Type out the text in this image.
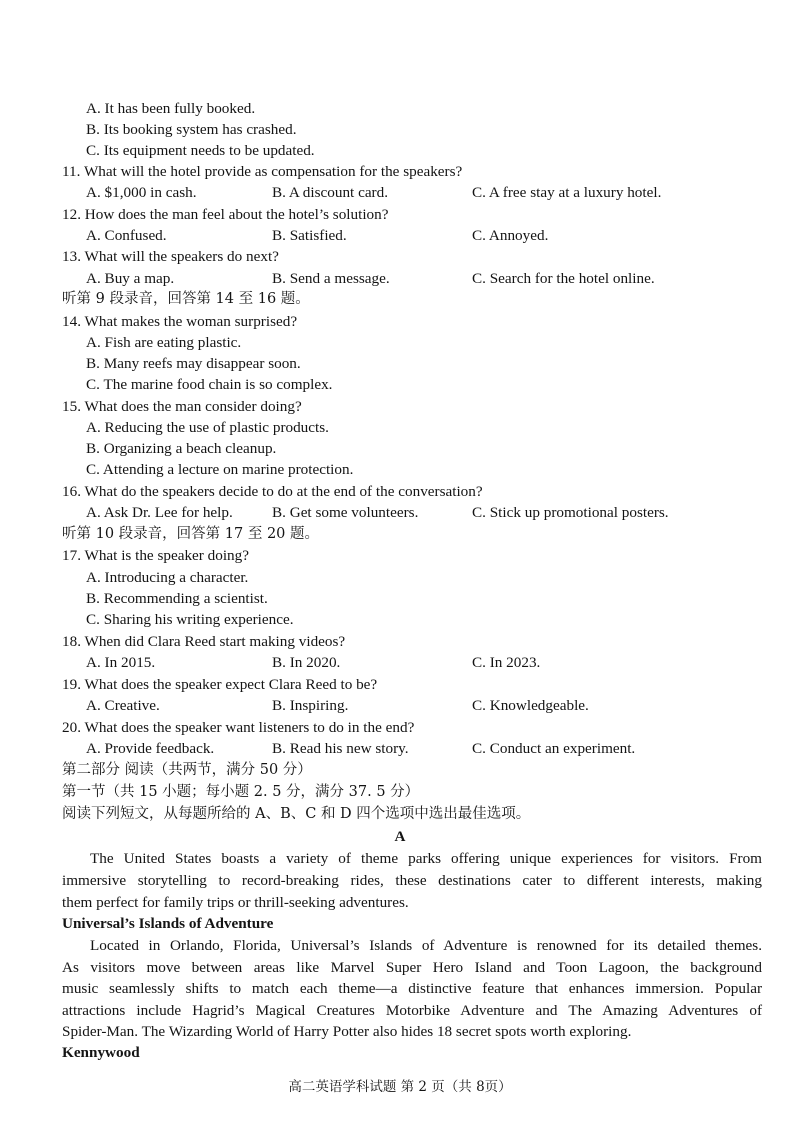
A. It has been fully booked.
B. Its booking system has crashed.
C. Its equipment needs to be updated.
11. What will the hotel provide as compensation for the speakers?
A. $1,000 in cash.	B. A discount card.	C. A free stay at a luxury hotel.
12. How does the man feel about the hotel’s solution?
A. Confused.	B. Satisfied.	C. Annoyed.
13. What will the speakers do next?
A. Buy a map.	B. Send a message.	C. Search for the hotel online.
听第 9 段录音，回答第 14 至 16 题。
14. What makes the woman surprised?
A. Fish are eating plastic.
B. Many reefs may disappear soon.
C. The marine food chain is so complex.
15. What does the man consider doing?
A. Reducing the use of plastic products.
B. Organizing a beach cleanup.
C. Attending a lecture on marine protection.
16. What do the speakers decide to do at the end of the conversation?
A. Ask Dr. Lee for help.	B. Get some volunteers.	C. Stick up promotional posters.
听第 10 段录音，回答第 17 至 20 题。
17. What is the speaker doing?
A. Introducing a character.
B. Recommending a scientist.
C. Sharing his writing experience.
18. When did Clara Reed start making videos?
A. In 2015.	B. In 2020.	C. In 2023.
19. What does the speaker expect Clara Reed to be?
A. Creative.	B. Inspiring.	C. Knowledgeable.
20. What does the speaker want listeners to do in the end?
A. Provide feedback.	B. Read his new story.	C. Conduct an experiment.
第二部分 阅读（共两节，满分 50 分）
第一节（共 15 小题；每小题 2. 5 分，满分 37. 5 分）
阅读下列短文，从每题所给的 A、B、C 和 D 四个选项中选出最佳选项。
A
The United States boasts a variety of theme parks offering unique experiences for visitors. From
immersive storytelling to record-breaking rides, these destinations cater to different interests, making
them perfect for family trips or thrill-seeking adventures.
Universal’s Islands of Adventure
Located in Orlando, Florida, Universal’s Islands of Adventure is renowned for its detailed themes.
As visitors move between areas like Marvel Super Hero Island and Toon Lagoon, the background
music seamlessly shifts to match each theme—a distinctive feature that enhances immersion. Popular
attractions include Hagrid’s Magical Creatures Motorbike Adventure and The Amazing Adventures of
Spider-Man. The Wizarding World of Harry Potter also hides 18 secret spots worth exploring.
Kennywood
高二英语学科试题 第 2 页（共 8页）
